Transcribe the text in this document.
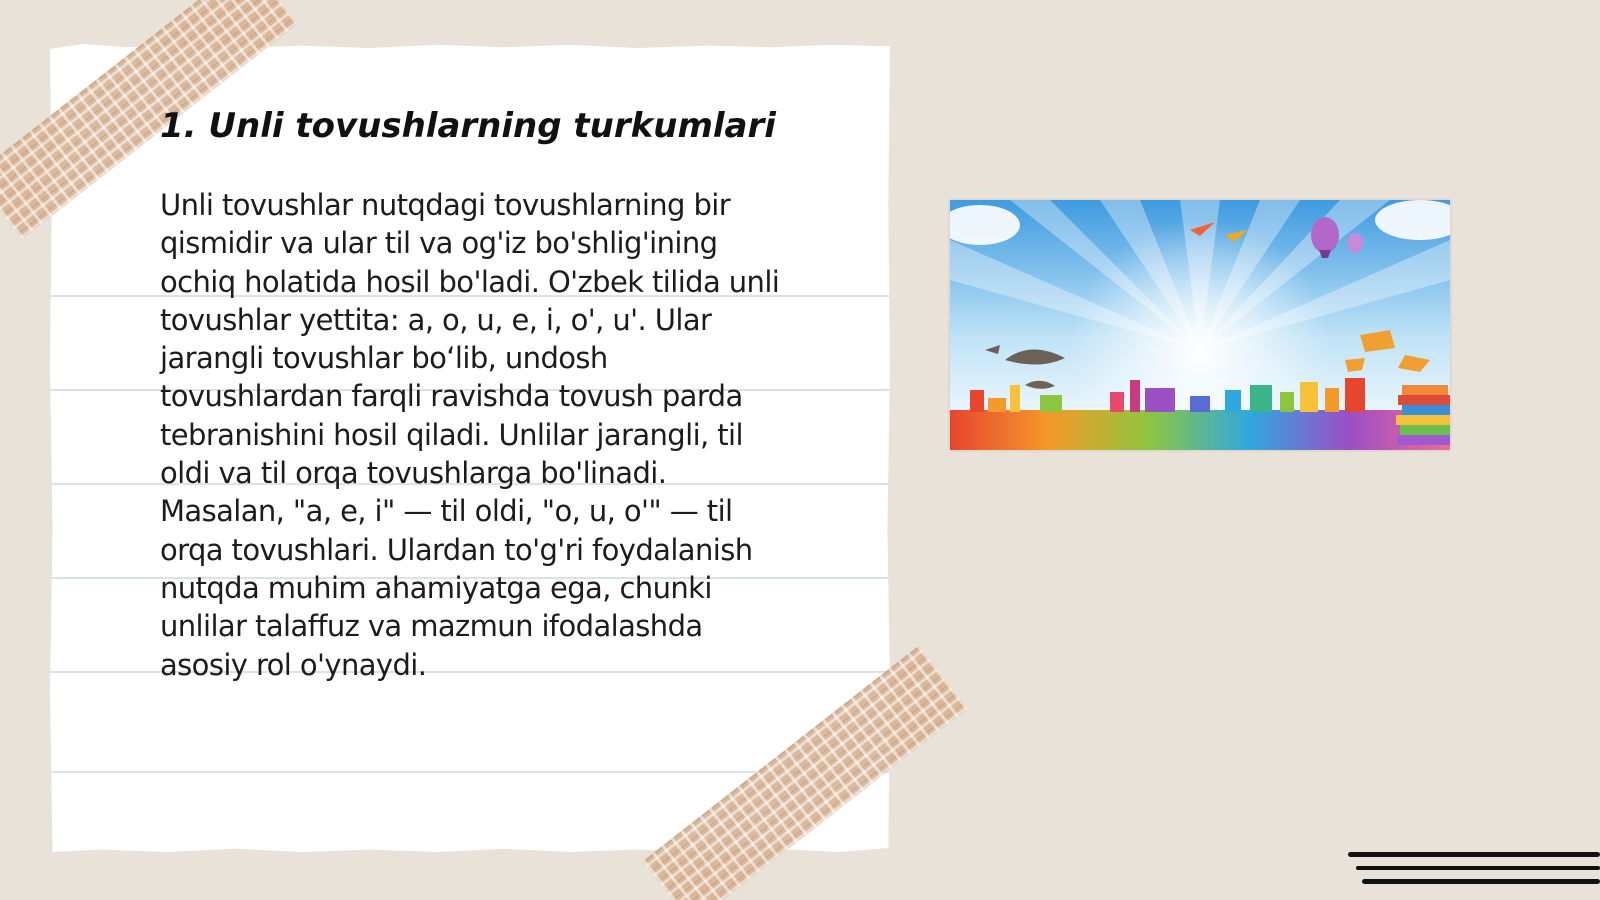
1. Unli tovushlarning turkumlari

Unli tovushlar nutqdagi tovushlarning bir
qismidir va ular til va og'iz bo'shlig'ining
ochiq holatida hosil bo'ladi. O'zbek tilida unli
tovushlar yettita: a, o, u, e, i, o', u'. Ular
jarangli tovushlar bo‘lib, undosh
tovushlardan farqli ravishda tovush parda
tebranishini hosil qiladi. Unlilar jarangli, til
oldi va til orqa tovushlarga bo'linadi.
Masalan, "a, e, i" — til oldi, "o, u, o'" — til
orqa tovushlari. Ulardan to'g'ri foydalanish
nutqda muhim ahamiyatga ega, chunki
unlilar talaffuz va mazmun ifodalashda
asosiy rol o'ynaydi.
